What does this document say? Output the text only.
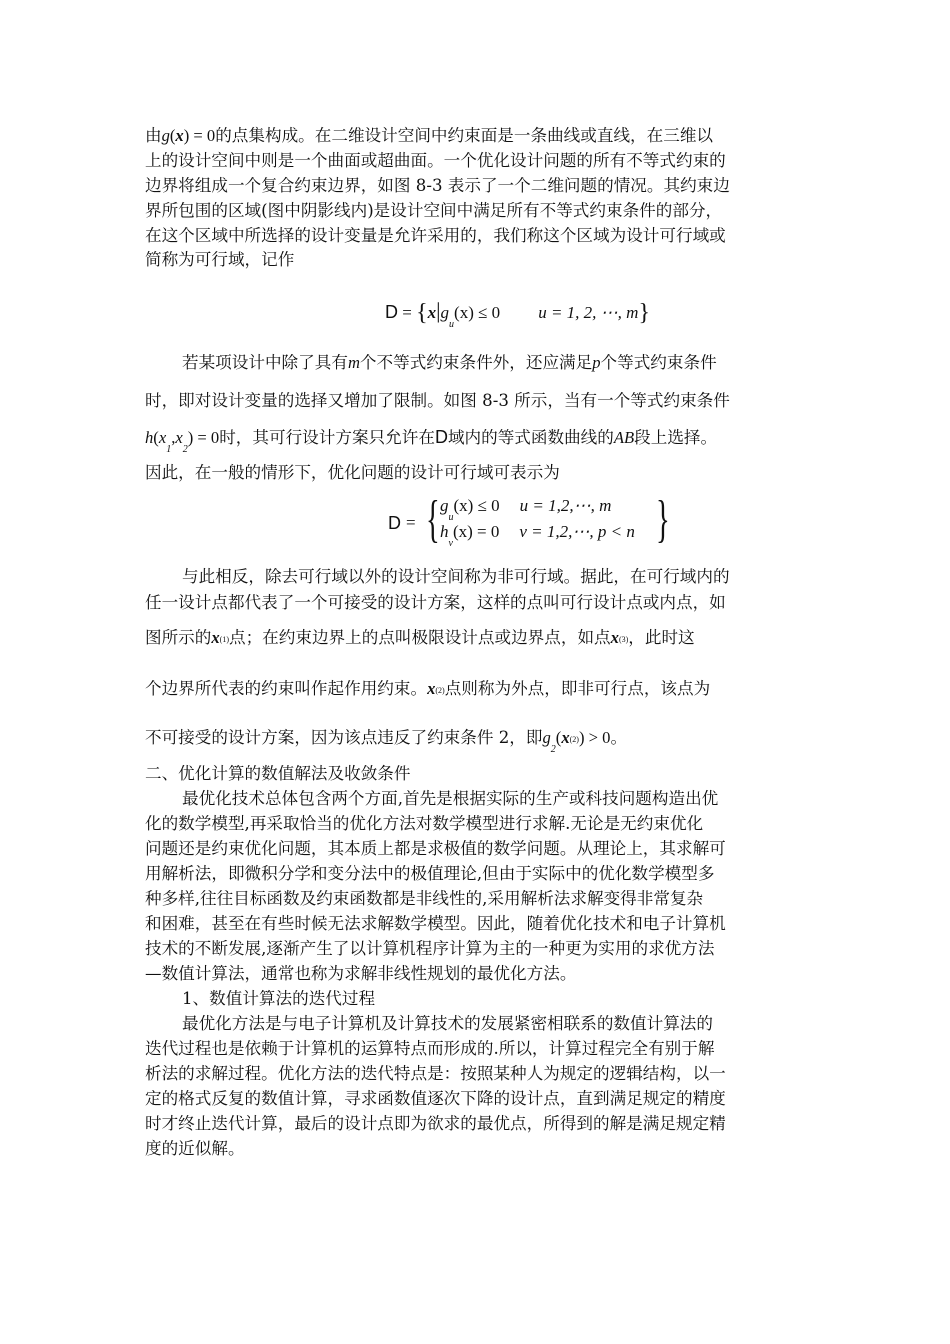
由g(x) = 0的点集构成。在二维设计空间中约束面是一条曲线或直线，在三维以
上的设计空间中则是一个曲面或超曲面。一个优化设计问题的所有不等式约束的
边界将组成一个复合约束边界，如图 8-3 表示了一个二维问题的情况。其约束边
界所包围的区域(图中阴影线内)是设计空间中满足所有不等式约束条件的部分，
在这个区域中所选择的设计变量是允许采用的，我们称这个区域为设计可行域或
简称为可行域，记作
$D = \{x|g_u(x) \le 0$ u = 1, 2, ⋯, m}
若某项设计中除了具有m个不等式约束条件外，还应满足p个等式约束条件
时，即对设计变量的选择又增加了限制。如图 8-3 所示，当有一个等式约束条件
$h(x_1,x_2) = 0$时，其可行设计方案只允许在D域内的等式函数曲线的AB段上选择。
因此，在一般的情形下，优化问题的设计可行域可表示为
D = { $g_u(x) \le 0$ u = 1,2,⋯, m
$h_v(x) = 0$ v = 1,2,⋯, p < n }
与此相反，除去可行域以外的设计空间称为非可行域。据此，在可行域内的
任一设计点都代表了一个可接受的设计方案，这样的点叫可行设计点或内点，如
图所示的x(1)点；在约束边界上的点叫极限设计点或边界点，如点x(3)，此时这
个边界所代表的约束叫作起作用约束。x(2)点则称为外点，即非可行点，该点为
不可接受的设计方案，因为该点违反了约束条件 2，即$g_2(x(2)) > 0$。
二、优化计算的数值解法及收敛条件
最优化技术总体包含两个方面,首先是根据实际的生产或科技问题构造出优
化的数学模型,再采取恰当的优化方法对数学模型进行求解.无论是无约束优化
问题还是约束优化问题，其本质上都是求极值的数学问题。从理论上，其求解可
用解析法，即微积分学和变分法中的极值理论,但由于实际中的优化数学模型多
种多样,往往目标函数及约束函数都是非线性的,采用解析法求解变得非常复杂
和困难，甚至在有些时候无法求解数学模型。因此，随着优化技术和电子计算机
技术的不断发展,逐渐产生了以计算机程序计算为主的一种更为实用的求优方法
—数值计算法，通常也称为求解非线性规划的最优化方法。
1、数值计算法的迭代过程
最优化方法是与电子计算机及计算技术的发展紧密相联系的数值计算法的
迭代过程也是依赖于计算机的运算特点而形成的.所以，计算过程完全有别于解
析法的求解过程。优化方法的迭代特点是：按照某种人为规定的逻辑结构，以一
定的格式反复的数值计算，寻求函数值逐次下降的设计点，直到满足规定的精度
时才终止迭代计算，最后的设计点即为欲求的最优点，所得到的解是满足规定精
度的近似解。
